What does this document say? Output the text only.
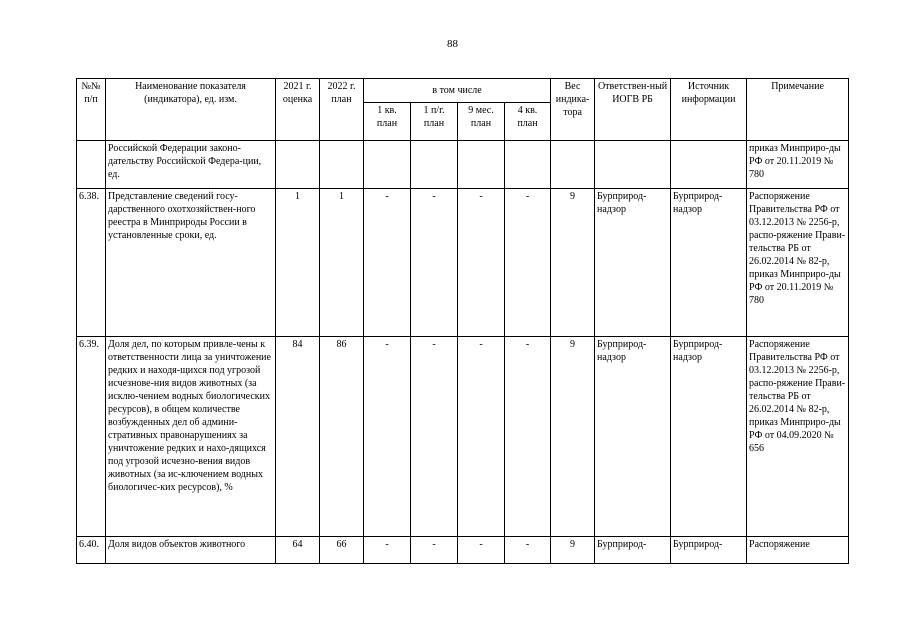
88
№№ п/п	Наименование показателя (индикатора), ед. изм.	2021 г. оценка	2022 г. план	в том числе				Вес индика-тора	Ответствен-ный ИОГВ РБ	Источник информации	Примечание
				1 кв. план	1 п/г. план	9 мес. план	4 кв. план				
	Российской Федерации законо-дательству Российской Федера-ции, ед.										приказ Минприро-ды РФ от 20.11.2019 № 780
6.38.	Представление сведений госу-дарственного охотхозяйствен-ного реестра в Минприроды России в установленные сроки, ед.	1	1	-	-	-	-	9	Бурприрод-надзор	Бурприрод-надзор	Распоряжение Правительства РФ от 03.12.2013 № 2256-р, распо-ряжение Прави-тельства РБ от 26.02.2014 № 82-р, приказ Минприро-ды РФ от 20.11.2019 № 780
6.39.	Доля дел, по которым привле-чены к ответственности лица за уничтожение редких и находя-щихся под угрозой исчезнове-ния видов животных (за исклю-чением водных биологических ресурсов), в общем количестве возбужденных дел об админи-стративных правонарушениях за уничтожение редких и нахо-дящихся под угрозой исчезно-вения видов животных (за ис-ключением водных биологичес-ких ресурсов), %	84	86	-	-	-	-	9	Бурприрод-надзор	Бурприрод-надзор	Распоряжение Правительства РФ от 03.12.2013 № 2256-р, распо-ряжение Прави-тельства РБ от 26.02.2014 № 82-р, приказ Минприро-ды РФ от 04.09.2020 № 656
6.40.	Доля видов объектов животного	64	66	-	-	-	-	9	Бурприрод-	Бурприрод-	Распоряжение
